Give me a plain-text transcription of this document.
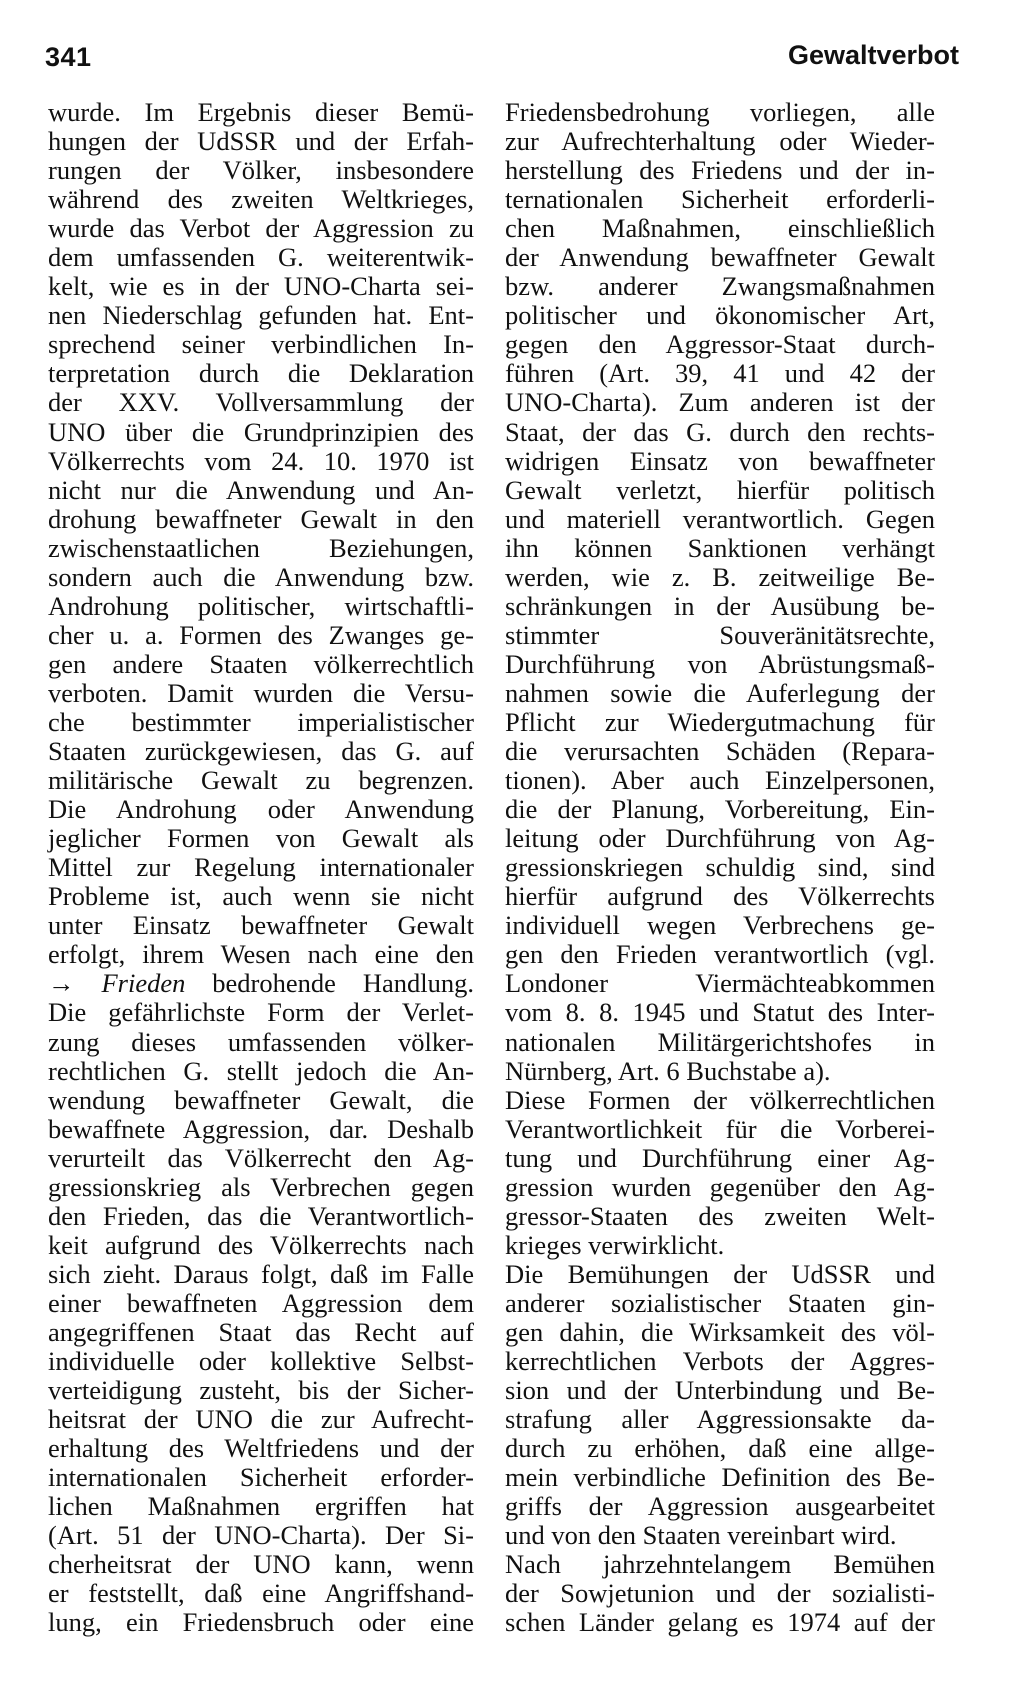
341	Gewaltverbot
wurde. Im Ergebnis dieser Bemü-
hungen der UdSSR und der Erfah-
rungen der Völker, insbesondere
während des zweiten Weltkrieges,
wurde das Verbot der Aggression zu
dem umfassenden G. weiterentwik-
kelt, wie es in der UNO-Charta sei-
nen Niederschlag gefunden hat. Ent-
sprechend seiner verbindlichen In-
terpretation durch die Deklaration
der XXV. Vollversammlung der
UNO über die Grundprinzipien des
Völkerrechts vom 24. 10. 1970 ist
nicht nur die Anwendung und An-
drohung bewaffneter Gewalt in den
zwischenstaatlichen Beziehungen,
sondern auch die Anwendung bzw.
Androhung politischer, wirtschaftli-
cher u. a. Formen des Zwanges ge-
gen andere Staaten völkerrechtlich
verboten. Damit wurden die Versu-
che bestimmter imperialistischer
Staaten zurückgewiesen, das G. auf
militärische Gewalt zu begrenzen.
Die Androhung oder Anwendung
jeglicher Formen von Gewalt als
Mittel zur Regelung internationaler
Probleme ist, auch wenn sie nicht
unter Einsatz bewaffneter Gewalt
erfolgt, ihrem Wesen nach eine den
→ Frieden bedrohende Handlung.
Die gefährlichste Form der Verlet-
zung dieses umfassenden völker-
rechtlichen G. stellt jedoch die An-
wendung bewaffneter Gewalt, die
bewaffnete Aggression, dar. Deshalb
verurteilt das Völkerrecht den Ag-
gressionskrieg als Verbrechen gegen
den Frieden, das die Verantwortlich-
keit aufgrund des Völkerrechts nach
sich zieht. Daraus folgt, daß im Falle
einer bewaffneten Aggression dem
angegriffenen Staat das Recht auf
individuelle oder kollektive Selbst-
verteidigung zusteht, bis der Sicher-
heitsrat der UNO die zur Aufrecht-
erhaltung des Weltfriedens und der
internationalen Sicherheit erforder-
lichen Maßnahmen ergriffen hat
(Art. 51 der UNO-Charta). Der Si-
cherheitsrat der UNO kann, wenn
er feststellt, daß eine Angriffshand-
lung, ein Friedensbruch oder eine
Friedensbedrohung vorliegen, alle
zur Aufrechterhaltung oder Wieder-
herstellung des Friedens und der in-
ternationalen Sicherheit erforderli-
chen Maßnahmen, einschließlich
der Anwendung bewaffneter Gewalt
bzw. anderer Zwangsmaßnahmen
politischer und ökonomischer Art,
gegen den Aggressor-Staat durch-
führen (Art. 39, 41 und 42 der
UNO-Charta). Zum anderen ist der
Staat, der das G. durch den rechts-
widrigen Einsatz von bewaffneter
Gewalt verletzt, hierfür politisch
und materiell verantwortlich. Gegen
ihn können Sanktionen verhängt
werden, wie z. B. zeitweilige Be-
schränkungen in der Ausübung be-
stimmter Souveränitätsrechte,
Durchführung von Abrüstungsmaß-
nahmen sowie die Auferlegung der
Pflicht zur Wiedergutmachung für
die verursachten Schäden (Repara-
tionen). Aber auch Einzelpersonen,
die der Planung, Vorbereitung, Ein-
leitung oder Durchführung von Ag-
gressionskriegen schuldig sind, sind
hierfür aufgrund des Völkerrechts
individuell wegen Verbrechens ge-
gen den Frieden verantwortlich (vgl.
Londoner Viermächteabkommen
vom 8. 8. 1945 und Statut des Inter-
nationalen Militärgerichtshofes in
Nürnberg, Art. 6 Buchstabe a).
Diese Formen der völkerrechtlichen
Verantwortlichkeit für die Vorberei-
tung und Durchführung einer Ag-
gression wurden gegenüber den Ag-
gressor-Staaten des zweiten Welt-
krieges verwirklicht.
Die Bemühungen der UdSSR und
anderer sozialistischer Staaten gin-
gen dahin, die Wirksamkeit des völ-
kerrechtlichen Verbots der Aggres-
sion und der Unterbindung und Be-
strafung aller Aggressionsakte da-
durch zu erhöhen, daß eine allge-
mein verbindliche Definition des Be-
griffs der Aggression ausgearbeitet
und von den Staaten vereinbart wird.
Nach jahrzehntelangem Bemühen
der Sowjetunion und der sozialisti-
schen Länder gelang es 1974 auf der
